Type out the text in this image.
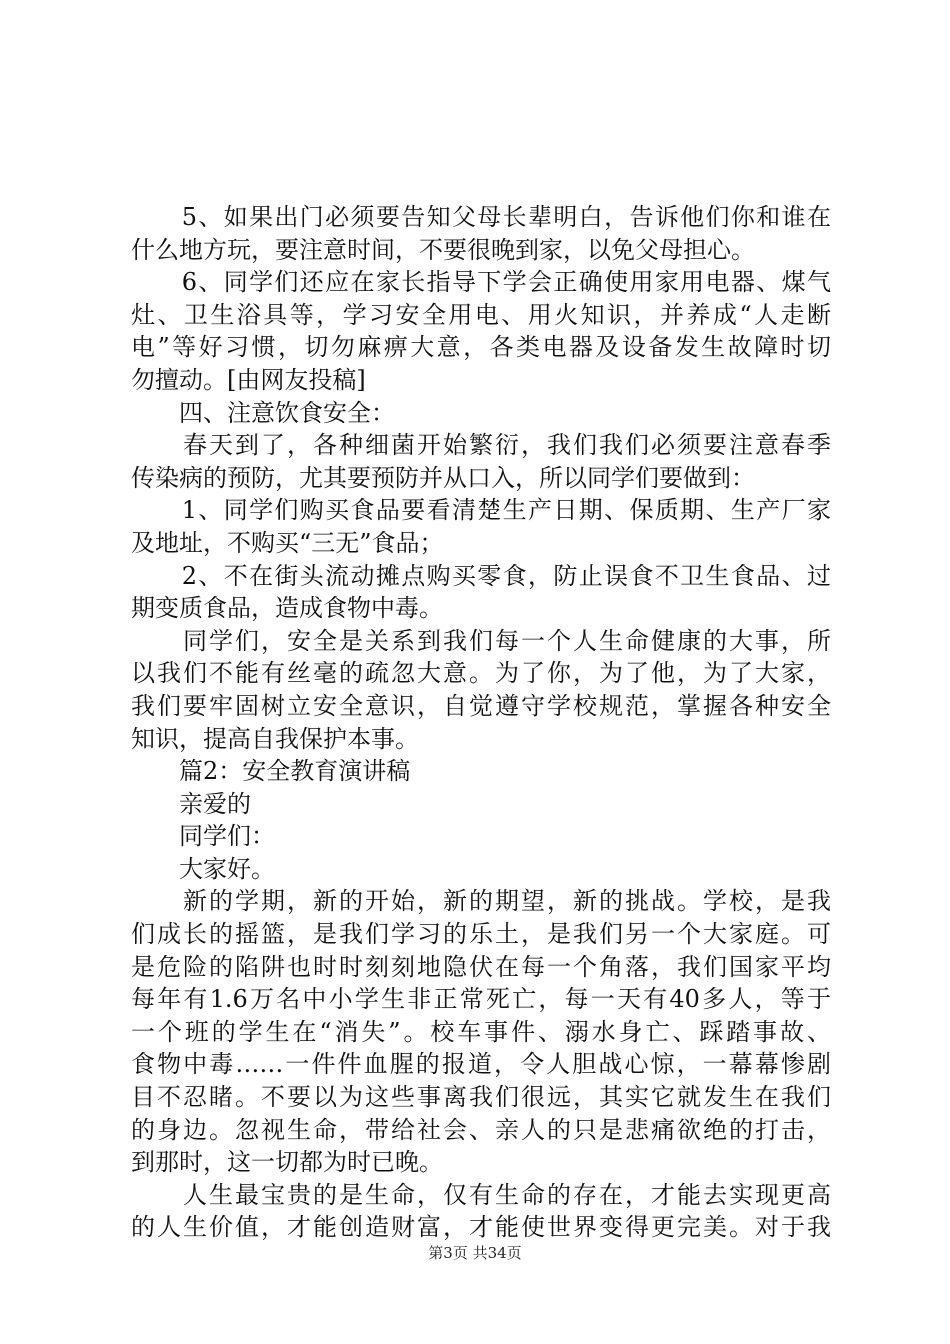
　　5、如果出门必须要告知父母长辈明白，告诉他们你和谁在
什么地方玩，要注意时间，不要很晚到家，以免父母担心。
　　6、同学们还应在家长指导下学会正确使用家用电器、煤气
灶、卫生浴具等，学习安全用电、用火知识，并养成“人走断
电”等好习惯，切勿麻痹大意，各类电器及设备发生故障时切
勿擅动。[由网友投稿]
　　四、注意饮食安全：
　　春天到了，各种细菌开始繁衍，我们我们必须要注意春季
传染病的预防，尤其要预防并从口入，所以同学们要做到：
　　1、同学们购买食品要看清楚生产日期、保质期、生产厂家
及地址，不购买“三无”食品；
　　2、不在街头流动摊点购买零食，防止误食不卫生食品、过
期变质食品，造成食物中毒。
　　同学们，安全是关系到我们每一个人生命健康的大事，所
以我们不能有丝毫的疏忽大意。为了你，为了他，为了大家，
我们要牢固树立安全意识，自觉遵守学校规范，掌握各种安全
知识，提高自我保护本事。
　　篇2：安全教育演讲稿
　　亲爱的
　　同学们：
　　大家好。
　　新的学期，新的开始，新的期望，新的挑战。学校，是我
们成长的摇篮，是我们学习的乐土，是我们另一个大家庭。可
是危险的陷阱也时时刻刻地隐伏在每一个角落，我们国家平均
每年有1.6万名中小学生非正常死亡，每一天有40多人，等于
一个班的学生在“消失”。校车事件、溺水身亡、踩踏事故、
食物中毒……一件件血腥的报道，令人胆战心惊，一幕幕惨剧
目不忍睹。不要以为这些事离我们很远，其实它就发生在我们
的身边。忽视生命，带给社会、亲人的只是悲痛欲绝的打击，
到那时，这一切都为时已晚。
　　人生最宝贵的是生命，仅有生命的存在，才能去实现更高
的人生价值，才能创造财富，才能使世界变得更完美。对于我
第3页 共34页
